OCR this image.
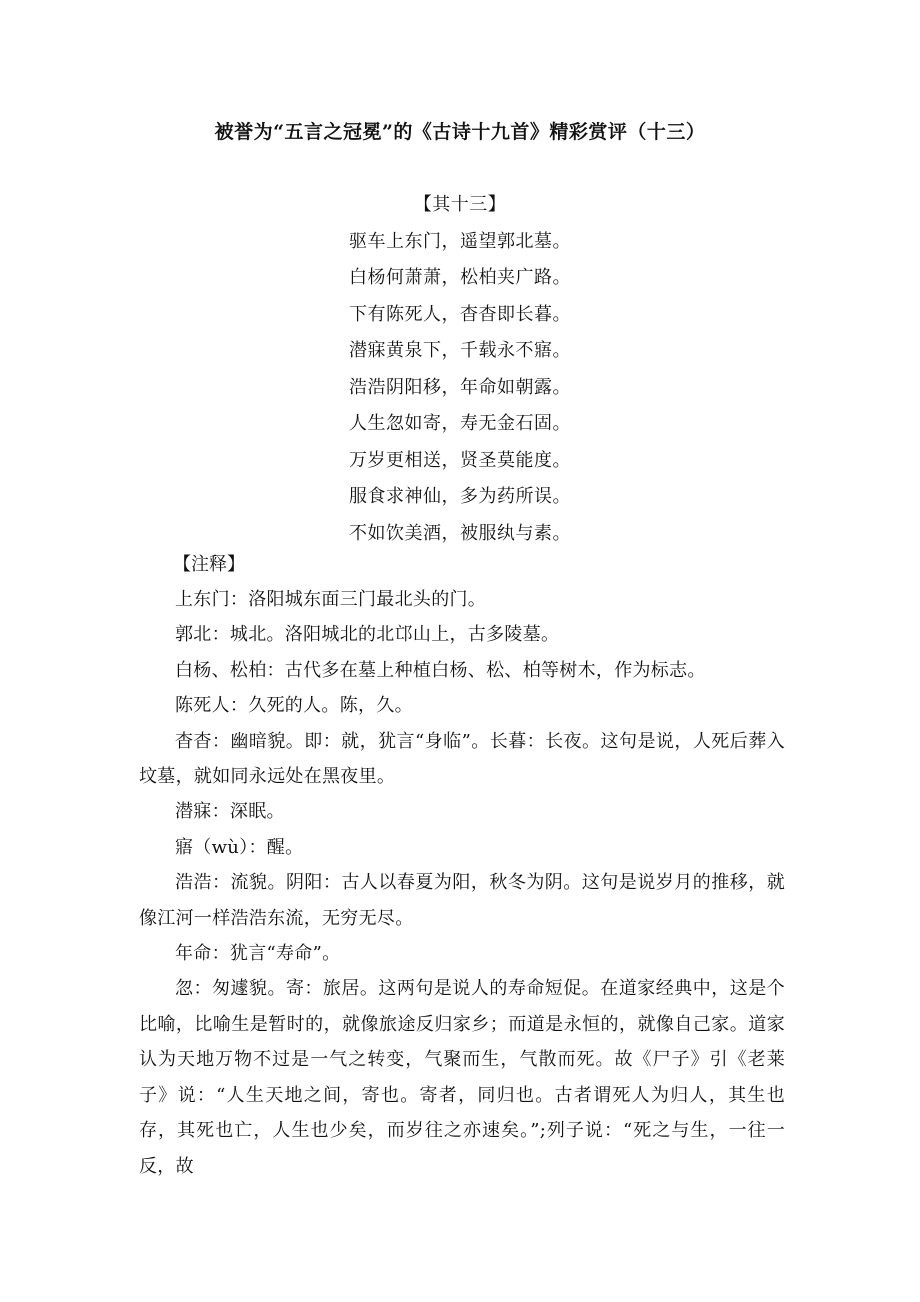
被誉为“五言之冠冕”的《古诗十九首》精彩赏评（十三）
【其十三】
驱车上东门，遥望郭北墓。
白杨何萧萧，松柏夹广路。
下有陈死人，杳杳即长暮。
潜寐黄泉下，千载永不寤。
浩浩阴阳移，年命如朝露。
人生忽如寄，寿无金石固。
万岁更相送，贤圣莫能度。
服食求神仙，多为药所误。
不如饮美酒，被服纨与素。
【注释】

上东门：洛阳城东面三门最北头的门。

郭北：城北。洛阳城北的北邙山上，古多陵墓。

白杨、松柏：古代多在墓上种植白杨、松、柏等树木，作为标志。

陈死人：久死的人。陈，久。

杳杳：幽暗貌。即：就，犹言“身临”。长暮：长夜。这句是说，人死后葬入坟墓，就如同永远处在黑夜里。

潜寐：深眠。

寤（wù）：醒。

浩浩：流貌。阴阳：古人以春夏为阳，秋冬为阴。这句是说岁月的推移，就像江河一样浩浩东流，无穷无尽。

年命：犹言“寿命”。

忽：匆遽貌。寄：旅居。这两句是说人的寿命短促。在道家经典中，这是个比喻，比喻生是暂时的，就像旅途反归家乡；而道是永恒的，就像自己家。道家认为天地万物不过是一气之转变，气聚而生，气散而死。故《尸子》引《老莱子》说：“人生天地之间，寄也。寄者，同归也。古者谓死人为归人，其生也存，其死也亡，人生也少矣，而岁往之亦速矣。”;列子说：“死之与生，一往一反，故
